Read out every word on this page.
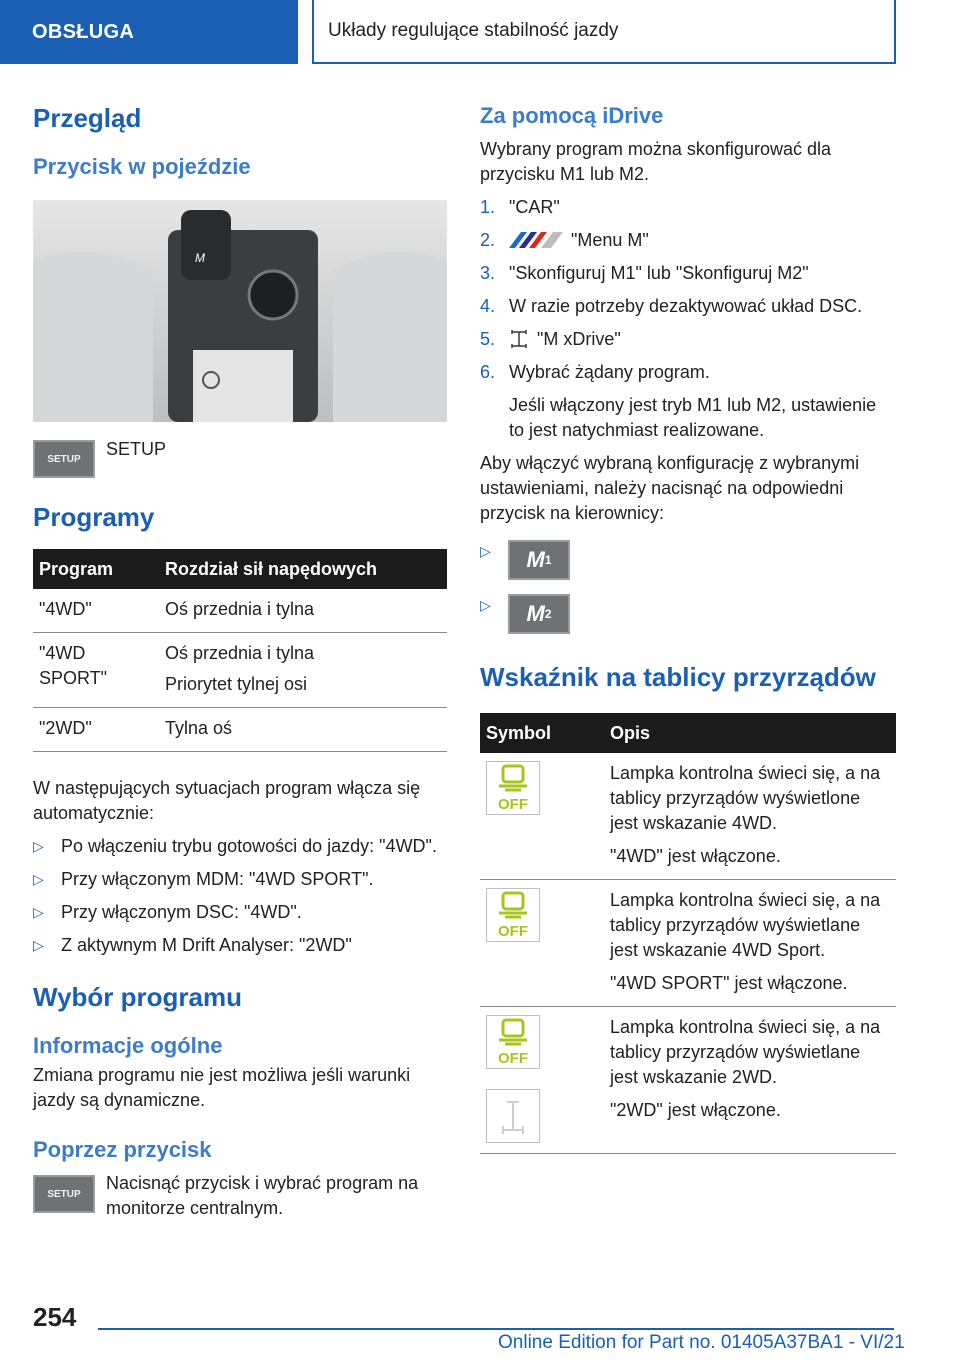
OBSŁUGA	Układy regulujące stabilność jazdy
Przegląd
Przycisk w pojeździe
M
SETUP SETUP

Programy
Program	Rozdział sił napędowych
"4WD"	Oś przednia i tylna

"4WD SPORT"	Oś przednia i tylna
Priorytet tylnej osi

"2WD"	Tylna oś

W następujących sytuacjach program włącza się automatycznie:

▷ Po włączeniu trybu gotowości do jazdy: "4WD".
▷ Przy włączonym MDM: "4WD SPORT".
▷ Przy włączonym DSC: "4WD".
▷ Z aktywnym M Drift Analyser: "2WD"
Wybór programu
Informacje ogólne

Zmiana programu nie jest możliwa jeśli warunki jazdy są dynamiczne.

Poprzez przycisk
SETUP

Nacisnąć przycisk i wybrać program na monitorze centralnym.

Za pomocą iDrive

Wybrany program można skonfigurować dla przycisku M1 lub M2.

1. "CAR"
2.	"Menu M"
3. "Skonfiguruj M1" lub "Skonfiguruj M2"
4. W razie potrzeby dezaktywować układ DSC.
5.	"M xDrive"
6. Wybrać żądany program.

Jeśli włączony jest tryb M1 lub M2, ustawienie to jest natychmiast realizowane.

Aby włączyć wybraną konfigurację z wybranymi ustawieniami, należy nacisnąć na odpowiedni przycisk na kierownicy:

▷	M 1
▷	M 2
Wskaźnik na tablicy przyrządów
Symbol	Opis

OFF	Lampka kontrolna świeci się, a na tablicy przyrządów wyświetlone jest wskazanie 4WD.
"4WD" jest włączone.

OFF	Lampka kontrolna świeci się, a na tablicy przyrządów wyświetlane jest wskazanie 4WD Sport.
"4WD SPORT" jest włączone.

OFF	Lampka kontrolna świeci się, a na tablicy przyrządów wyświetlane jest wskazanie 2WD.
"2WD" jest włączone.
254
Online Edition for Part no. 01405A37BA1 - VI/21
